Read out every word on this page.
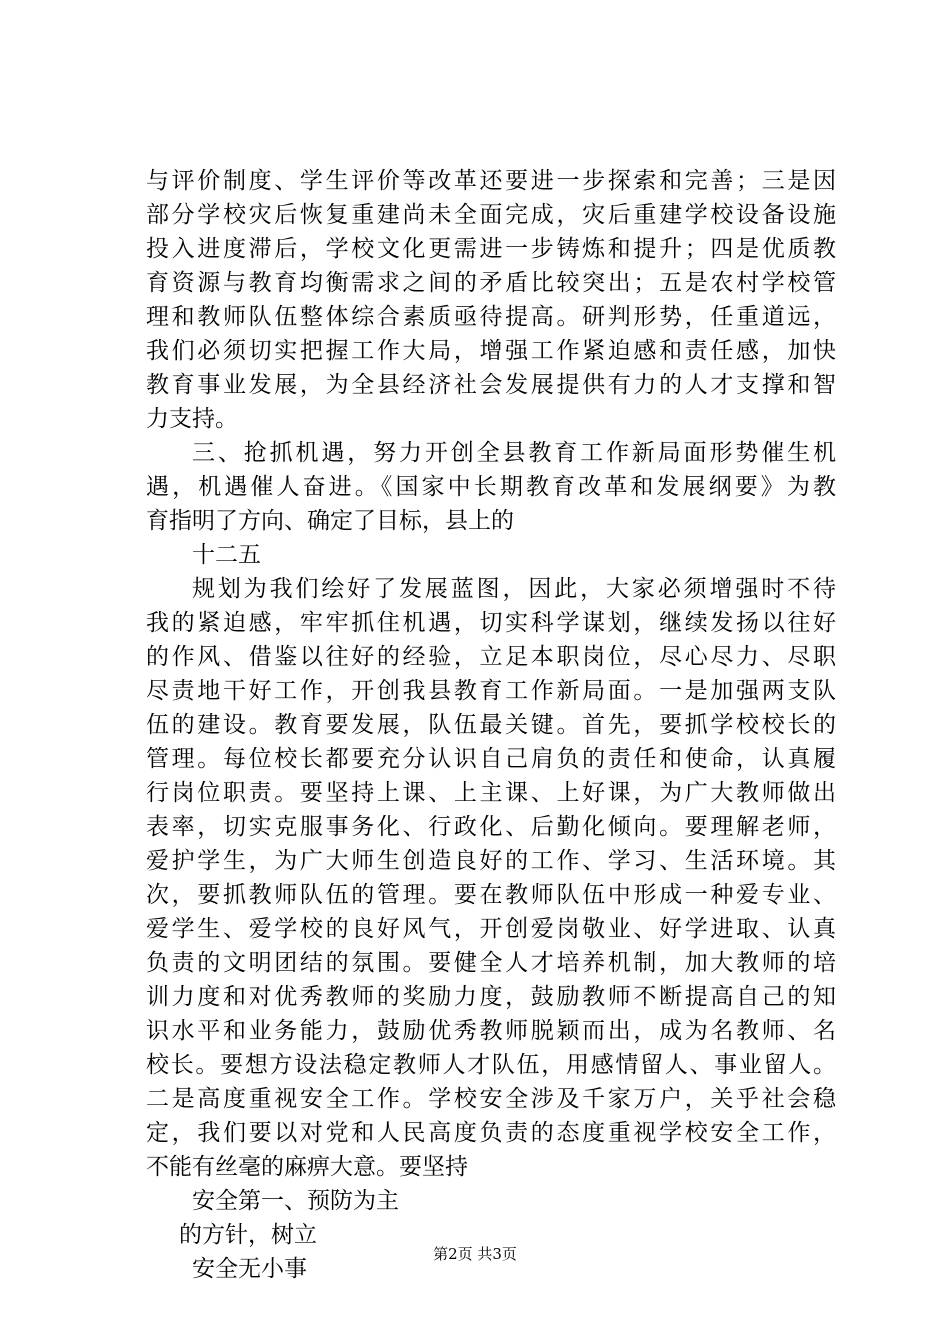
与评价制度、学生评价等改革还要进一步探索和完善；三是因
部分学校灾后恢复重建尚未全面完成，灾后重建学校设备设施
投入进度滞后，学校文化更需进一步铸炼和提升；四是优质教
育资源与教育均衡需求之间的矛盾比较突出；五是农村学校管
理和教师队伍整体综合素质亟待提高。研判形势，任重道远，
我们必须切实把握工作大局，增强工作紧迫感和责任感，加快
教育事业发展，为全县经济社会发展提供有力的人才支撑和智
力支持。
三、抢抓机遇，努力开创全县教育工作新局面形势催生机
遇，机遇催人奋进。《国家中长期教育改革和发展纲要》为教
育指明了方向、确定了目标，县上的
十二五
规划为我们绘好了发展蓝图，因此，大家必须增强时不待
我的紧迫感，牢牢抓住机遇，切实科学谋划，继续发扬以往好
的作风、借鉴以往好的经验，立足本职岗位，尽心尽力、尽职
尽责地干好工作，开创我县教育工作新局面。一是加强两支队
伍的建设。教育要发展，队伍最关键。首先，要抓学校校长的
管理。每位校长都要充分认识自己肩负的责任和使命，认真履
行岗位职责。要坚持上课、上主课、上好课，为广大教师做出
表率，切实克服事务化、行政化、后勤化倾向。要理解老师，
爱护学生，为广大师生创造良好的工作、学习、生活环境。其
次，要抓教师队伍的管理。要在教师队伍中形成一种爱专业、
爱学生、爱学校的良好风气，开创爱岗敬业、好学进取、认真
负责的文明团结的氛围。要健全人才培养机制，加大教师的培
训力度和对优秀教师的奖励力度，鼓励教师不断提高自己的知
识水平和业务能力，鼓励优秀教师脱颖而出，成为名教师、名
校长。要想方设法稳定教师人才队伍，用感情留人、事业留人。
二是高度重视安全工作。学校安全涉及千家万户，关乎社会稳
定，我们要以对党和人民高度负责的态度重视学校安全工作，
不能有丝毫的麻痹大意。要坚持
安全第一、预防为主
的方针，树立
安全无小事
第2页 共3页
